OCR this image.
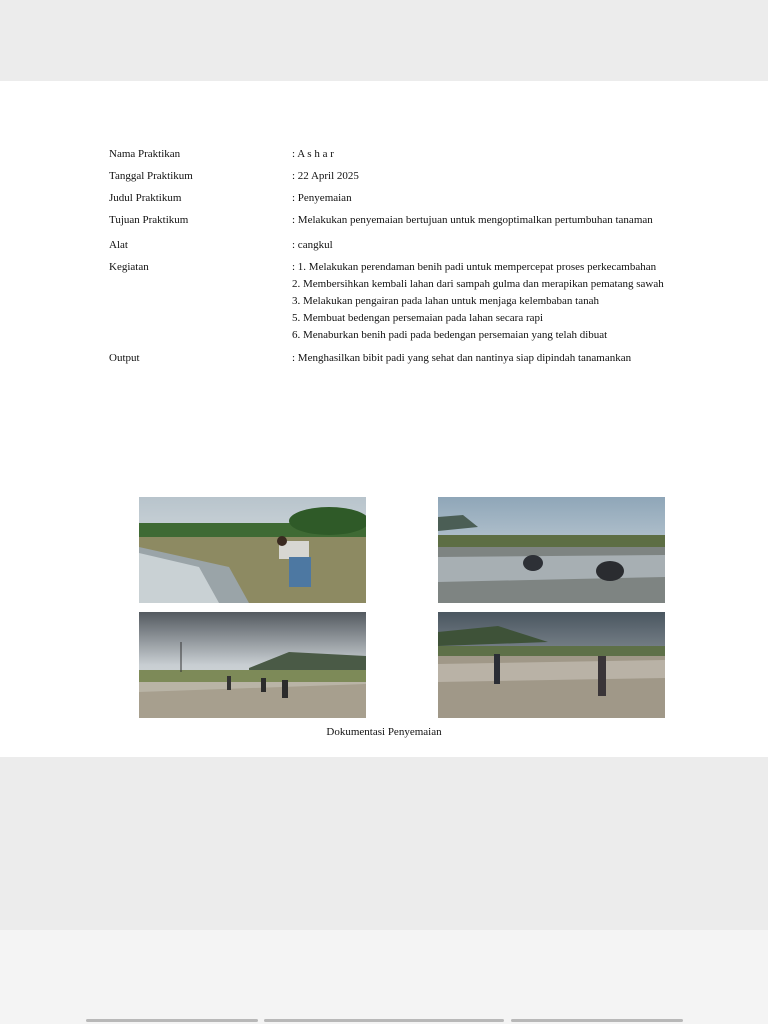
Nama Praktikan	: A s h a r
Tanggal Praktikum	: 22 April 2025
Judul Praktikum	: Penyemaian
Tujuan Praktikum	: Melakukan penyemaian bertujuan untuk mengoptimalkan pertumbuhan tanaman
Alat	: cangkul
Kegiatan	: 1. Melakukan perendaman benih padi untuk mempercepat proses perkecambahan

2. Membersihkan kembali lahan dari sampah gulma dan merapikan pematang sawah

3. Melakukan pengairan pada lahan untuk menjaga kelembaban tanah

5. Membuat bedengan persemaian pada lahan secara rapi

6. Menaburkan benih padi pada bedengan persemaian yang telah dibuat

Output	: Menghasilkan bibit padi yang sehat dan nantinya siap dipindah tanamankan
Dokumentasi Penyemaian
